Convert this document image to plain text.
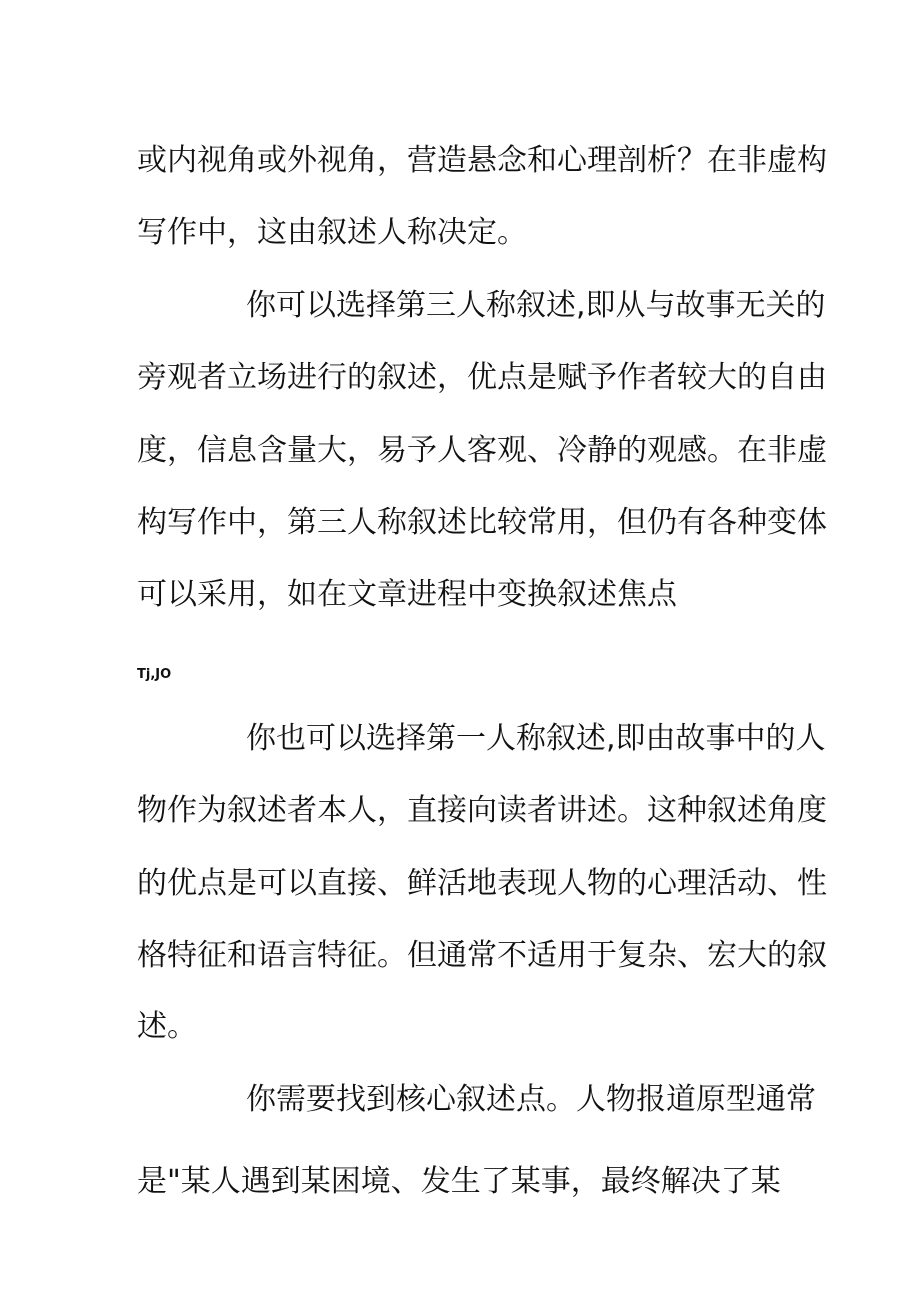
或内视角或外视角，营造悬念和心理剖析？在非虚构
写作中，这由叙述人称决定。
你可以选择第三人称叙述,即从与故事无关的
旁观者立场进行的叙述，优点是赋予作者较大的自由
度，信息含量大，易予人客观、冷静的观感。在非虚
构写作中，第三人称叙述比较常用，但仍有各种变体
可以采用，如在文章进程中变换叙述焦点
Tj,JO
你也可以选择第一人称叙述,即由故事中的人
物作为叙述者本人，直接向读者讲述。这种叙述角度
的优点是可以直接、鲜活地表现人物的心理活动、性
格特征和语言特征。但通常不适用于复杂、宏大的叙
述。
你需要找到核心叙述点。人物报道原型通常
是"某人遇到某困境、发生了某事，最终解决了某
